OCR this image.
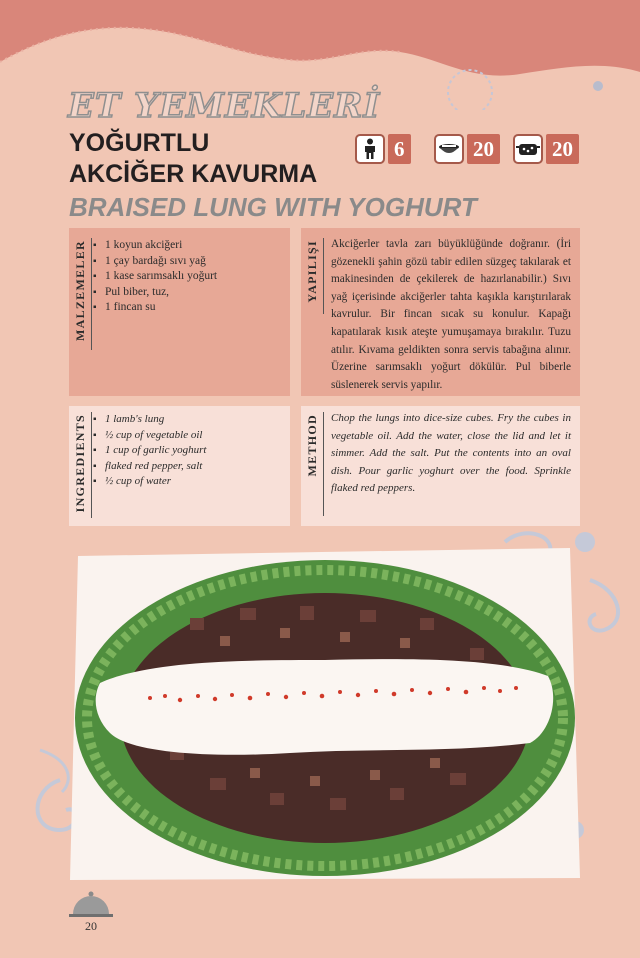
ET YEMEKLERİ
YOĞURTLU
AKCİĞER KAVURMA
BRAISED LUNG WITH YOGHURT
6	20	20
MALZEMELER	▪ 1 koyun akciğeri
▪ 1 çay bardağı sıvı yağ
▪ 1 kase sarımsaklı yoğurt
▪ Pul biber, tuz,
▪ 1 fincan su
YAPILIŞI Akciğerler tavla zarı büyüklüğünde doğranır. (İri gözenekli şahin gözü tabir edilen süzgeç takılarak et makinesinden de çekilerek de hazırlanabilir.) Sıvı yağ içerisinde akciğerler tahta kaşıkla karıştırılarak kavrulur. Bir fincan sıcak su konulur. Kapağı kapatılarak kısık ateşte yumuşamaya bırakılır. Tuzu atılır. Kıvama geldikten sonra servis tabağına alınır. Üzerine sarımsaklı yoğurt dökülür. Pul biberle süslenerek servis yapılır.
INGREDIENTS	▪ 1 lamb's lung
▪ ½ cup of vegetable oil
▪ 1 cup of garlic yoghurt
▪ flaked red pepper, salt
▪ ½ cup of water
METHOD Chop the lungs into dice-size cubes. Fry the cubes in vegetable oil. Add the water, close the lid and let it simmer. Add the salt. Put the contents into an oval dish. Pour garlic yoghurt over the food. Sprinkle flaked red peppers.
20
